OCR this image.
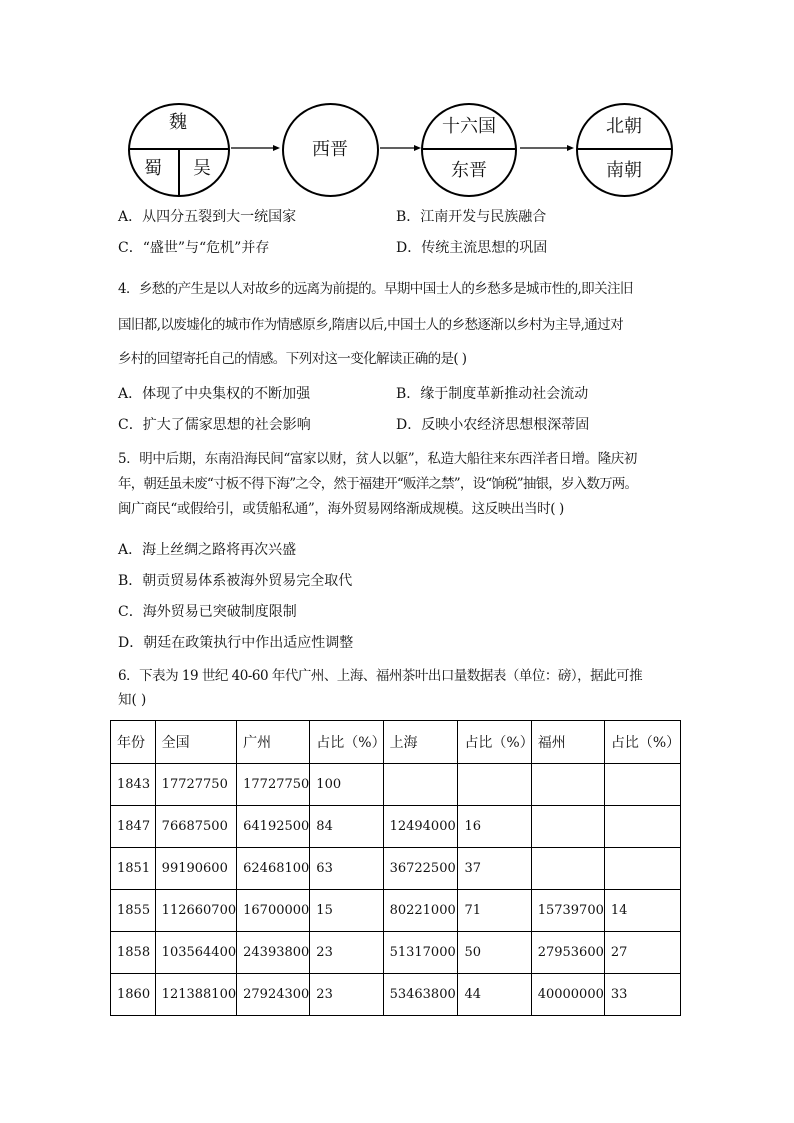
魏
蜀	吴
西晋
十六国
东晋
北朝
南朝
A．从四分五裂到大一统国家	B．江南开发与民族融合
C．“盛世”与“危机”并存	D．传统主流思想的巩固
4．乡愁的产生是以人对故乡的远离为前提的。早期中国士人的乡愁多是城市性的,即关注旧
国旧都,以废墟化的城市作为情感原乡,隋唐以后,中国士人的乡愁逐渐以乡村为主导,通过对
乡村的回望寄托自己的情感。下列对这一变化解读正确的是( )
A．体现了中央集权的不断加强	B．缘于制度革新推动社会流动
C．扩大了儒家思想的社会影响	D．反映小农经济思想根深蒂固
5．明中后期，东南沿海民间“富家以财，贫人以躯”，私造大船往来东西洋者日增。隆庆初
年，朝廷虽未废“寸板不得下海”之令，然于福建开“贩洋之禁”，设“饷税”抽银，岁入数万两。
闽广商民“或假给引，或赁船私通”，海外贸易网络渐成规模。这反映出当时( )
A．海上丝绸之路将再次兴盛
B．朝贡贸易体系被海外贸易完全取代
C．海外贸易已突破制度限制
D．朝廷在政策执行中作出适应性调整
6．下表为 19 世纪 40-60 年代广州、上海、福州茶叶出口量数据表（单位：磅），据此可推
知( )
年份	全国	广州	占比（%）	上海	占比（%）	福州	占比（%）
1843	17727750	17727750	100				
1847	76687500	64192500	84	12494000	16		
1851	99190600	62468100	63	36722500	37		
1855	112660700	16700000	15	80221000	71	15739700	14
1858	103564400	24393800	23	51317000	50	27953600	27
1860	121388100	27924300	23	53463800	44	40000000	33
